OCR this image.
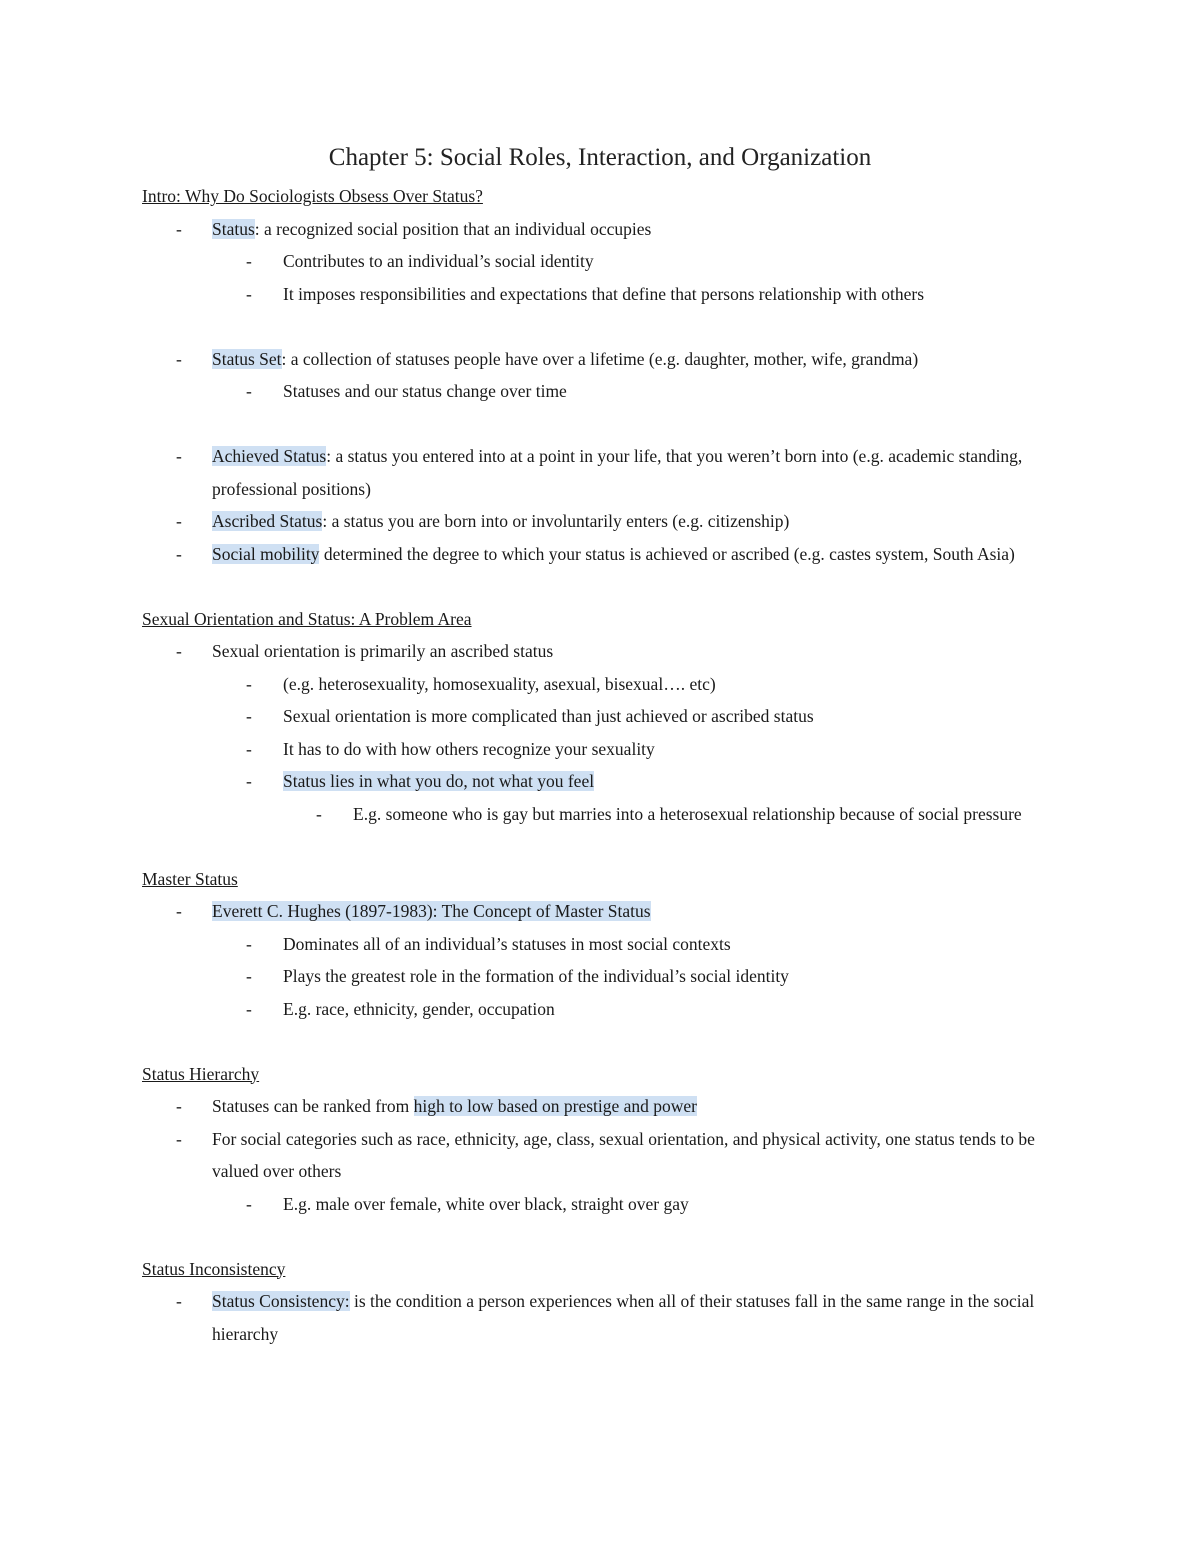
Chapter 5: Social Roles, Interaction, and Organization
Intro: Why Do Sociologists Obsess Over Status?
-	Status: a recognized social position that an individual occupies
-	Contributes to an individual’s social identity
-	It imposes responsibilities and expectations that define that persons relationship with others
-	Status Set: a collection of statuses people have over a lifetime (e.g. daughter, mother, wife, grandma)
-	Statuses and our status change over time
-	Achieved Status: a status you entered into at a point in your life, that you weren’t born into (e.g. academic standing, professional positions)
-	Ascribed Status: a status you are born into or involuntarily enters (e.g. citizenship)
-	Social mobility determined the degree to which your status is achieved or ascribed (e.g. castes system, South Asia)
Sexual Orientation and Status: A Problem Area
-	Sexual orientation is primarily an ascribed status
-	(e.g. heterosexuality, homosexuality, asexual, bisexual…. etc)
-	Sexual orientation is more complicated than just achieved or ascribed status
-	It has to do with how others recognize your sexuality
-	Status lies in what you do, not what you feel
-	E.g. someone who is gay but marries into a heterosexual relationship because of social pressure
Master Status
-	Everett C. Hughes (1897-1983): The Concept of Master Status
-	Dominates all of an individual’s statuses in most social contexts
-	Plays the greatest role in the formation of the individual’s social identity
-	E.g. race, ethnicity, gender, occupation
Status Hierarchy
-	Statuses can be ranked from high to low based on prestige and power
-	For social categories such as race, ethnicity, age, class, sexual orientation, and physical activity, one status tends to be valued over others
-	E.g. male over female, white over black, straight over gay
Status Inconsistency
-	Status Consistency: is the condition a person experiences when all of their statuses fall in the same range in the social hierarchy
